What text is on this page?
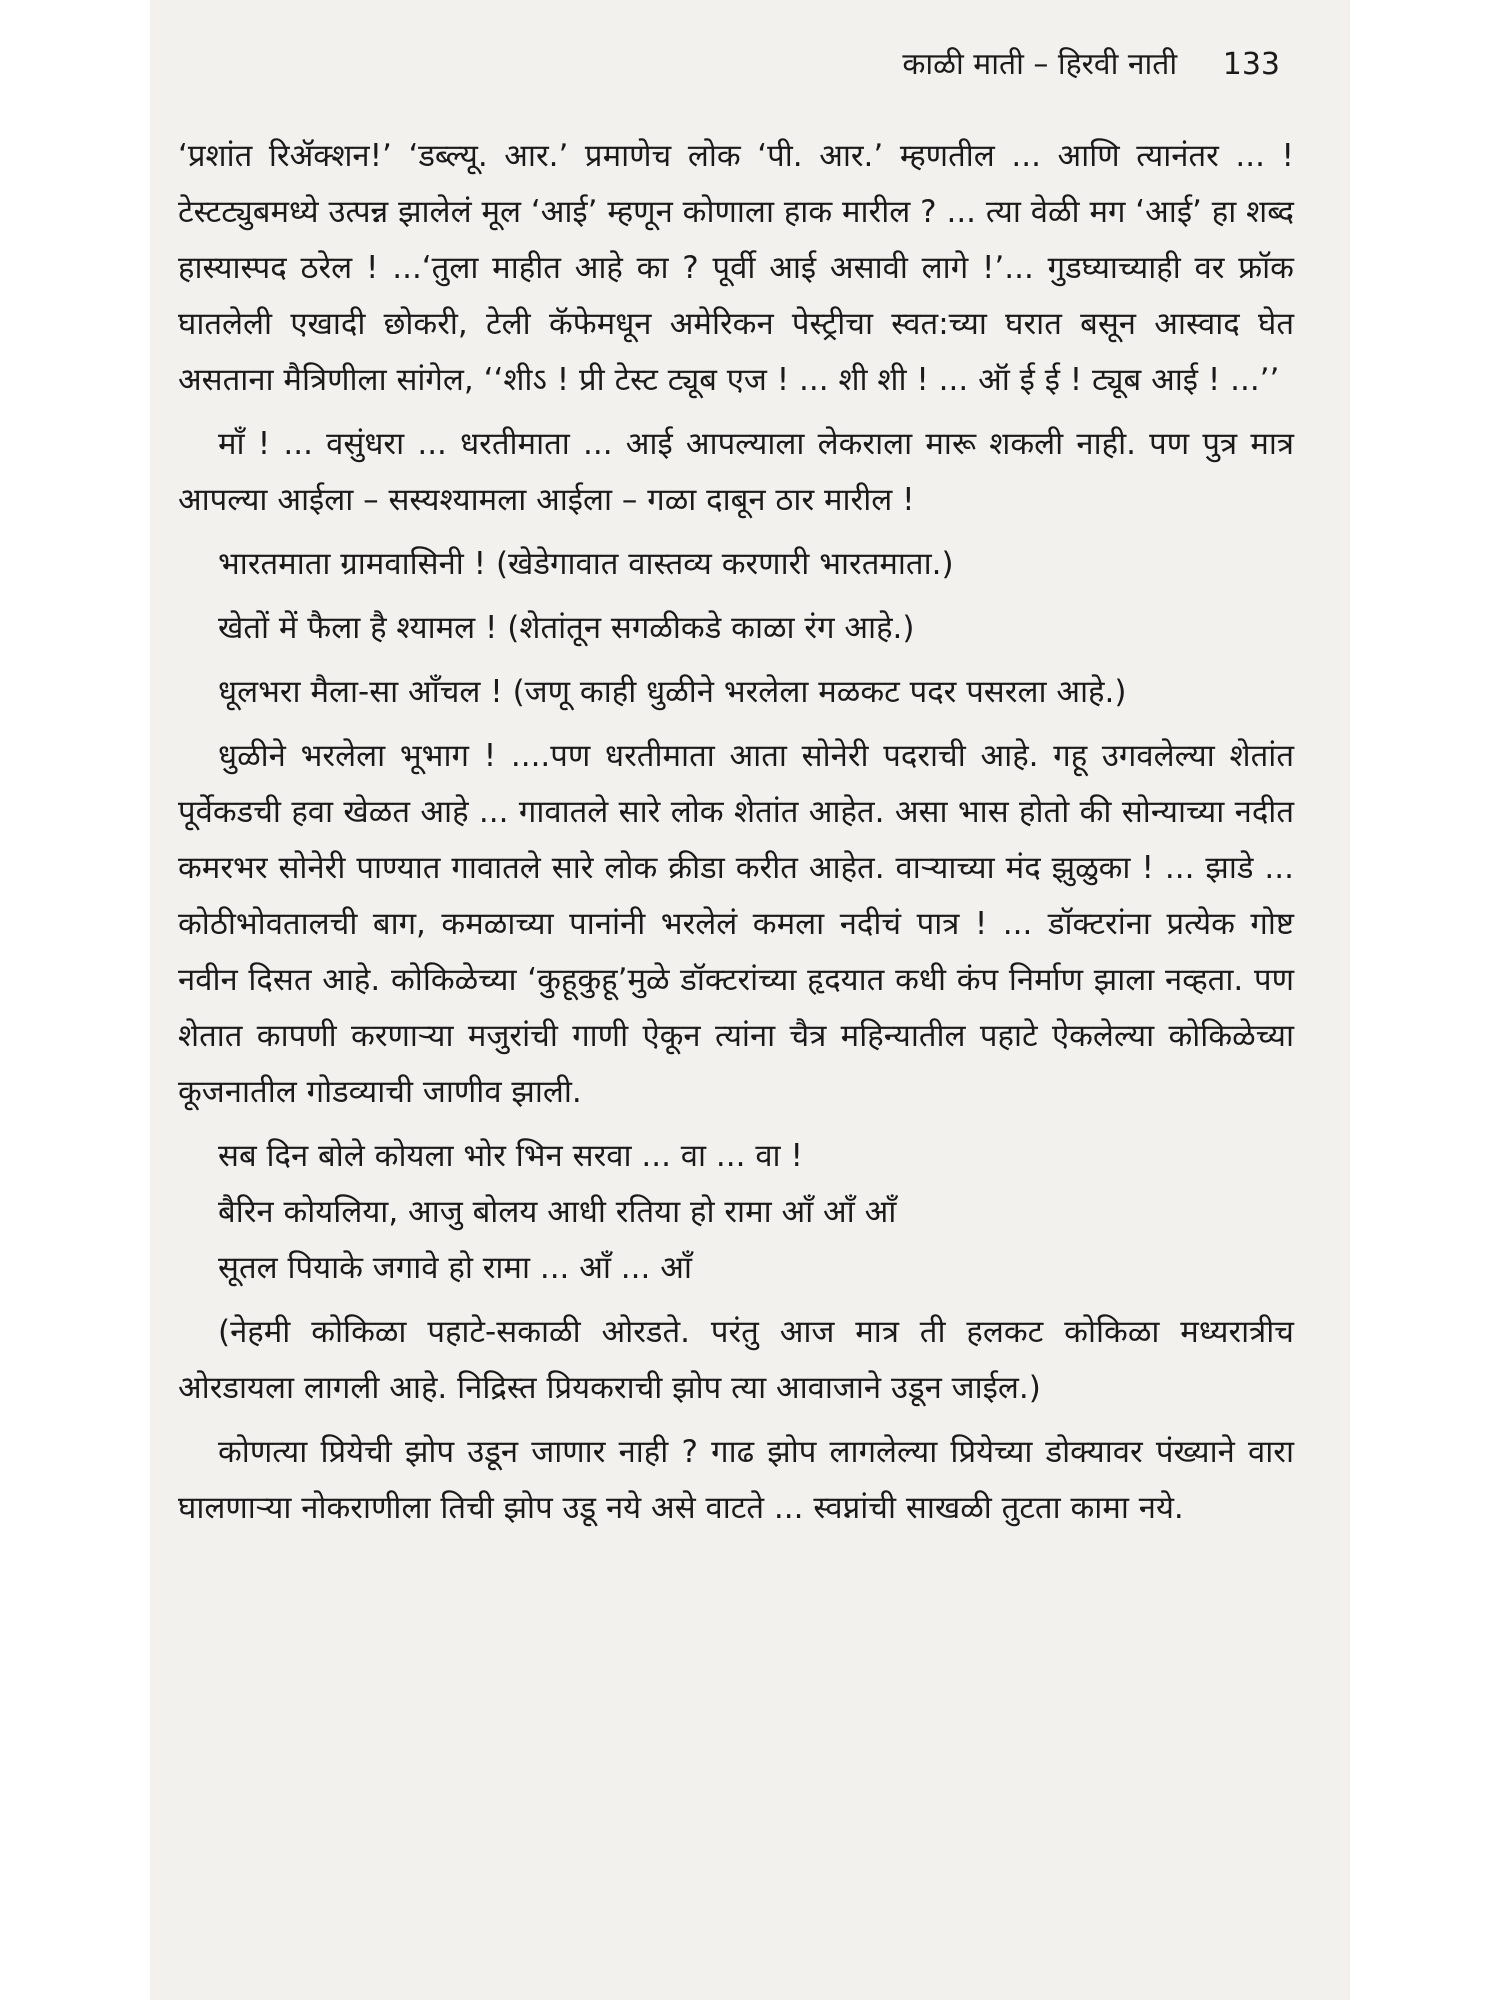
काळी माती – हिरवी नाती 133

‘प्रशांत रिॲक्शन!’ ‘डब्ल्यू. आर.’ प्रमाणेच लोक ‘पी. आर.’ म्हणतील ... आणि त्यानंतर ... ! टेस्टट्युबमध्ये उत्पन्न झालेलं मूल ‘आई’ म्हणून कोणाला हाक मारील ? ... त्या वेळी मग ‘आई’ हा शब्द हास्यास्पद ठरेल ! ...‘तुला माहीत आहे का ? पूर्वी आई असावी लागे !’... गुडघ्याच्याही वर फ्रॉक घातलेली एखादी छोकरी, टेली कॅफेमधून अमेरिकन पेस्ट्रीचा स्वत:च्या घरात बसून आस्वाद घेत असताना मैत्रिणीला सांगेल, ‘‘शीऽ ! प्री टेस्ट ट्यूब एज ! ... शी शी ! ... ऑ ई ई ! ट्यूब आई ! ...’’

माँ ! ... वसुंधरा ... धरतीमाता ... आई आपल्याला लेकराला मारू शकली नाही. पण पुत्र मात्र आपल्या आईला – सस्यश्यामला आईला – गळा दाबून ठार मारील !

भारतमाता ग्रामवासिनी ! (खेडेगावात वास्तव्य करणारी भारतमाता.)

खेतों में फैला है श्यामल ! (शेतांतून सगळीकडे काळा रंग आहे.)

धूलभरा मैला-सा आँचल ! (जणू काही धुळीने भरलेला मळकट पदर पसरला आहे.)

धुळीने भरलेला भूभाग ! ....पण धरतीमाता आता सोनेरी पदराची आहे. गहू उगवलेल्या शेतांत पूर्वेकडची हवा खेळत आहे ... गावातले सारे लोक शेतांत आहेत. असा भास होतो की सोन्याच्या नदीत कमरभर सोनेरी पाण्यात गावातले सारे लोक क्रीडा करीत आहेत. वाऱ्याच्या मंद झुळुका ! ... झाडे ... कोठीभोवतालची बाग, कमळाच्या पानांनी भरलेलं कमला नदीचं पात्र ! ... डॉक्टरांना प्रत्येक गोष्ट नवीन दिसत आहे. कोकिळेच्या ‘कुहूकुहू’मुळे डॉक्टरांच्या हृदयात कधी कंप निर्माण झाला नव्हता. पण शेतात कापणी करणाऱ्या मजुरांची गाणी ऐकून त्यांना चैत्र महिन्यातील पहाटे ऐकलेल्या कोकिळेच्या कूजनातील गोडव्याची जाणीव झाली.

सब दिन बोले कोयला भोर भिन सरवा ... वा ... वा !

बैरिन कोयलिया, आजु बोलय आधी रतिया हो रामा आँ आँ आँ

सूतल पियाके जगावे हो रामा ... आँ ... आँ

(नेहमी कोकिळा पहाटे-सकाळी ओरडते. परंतु आज मात्र ती हलकट कोकिळा मध्यरात्रीच ओरडायला लागली आहे. निद्रिस्त प्रियकराची झोप त्या आवाजाने उडून जाईल.)

कोणत्या प्रियेची झोप उडून जाणार नाही ? गाढ झोप लागलेल्या प्रियेच्या डोक्यावर पंख्याने वारा घालणाऱ्या नोकराणीला तिची झोप उडू नये असे वाटते ... स्वप्नांची साखळी तुटता कामा नये.
